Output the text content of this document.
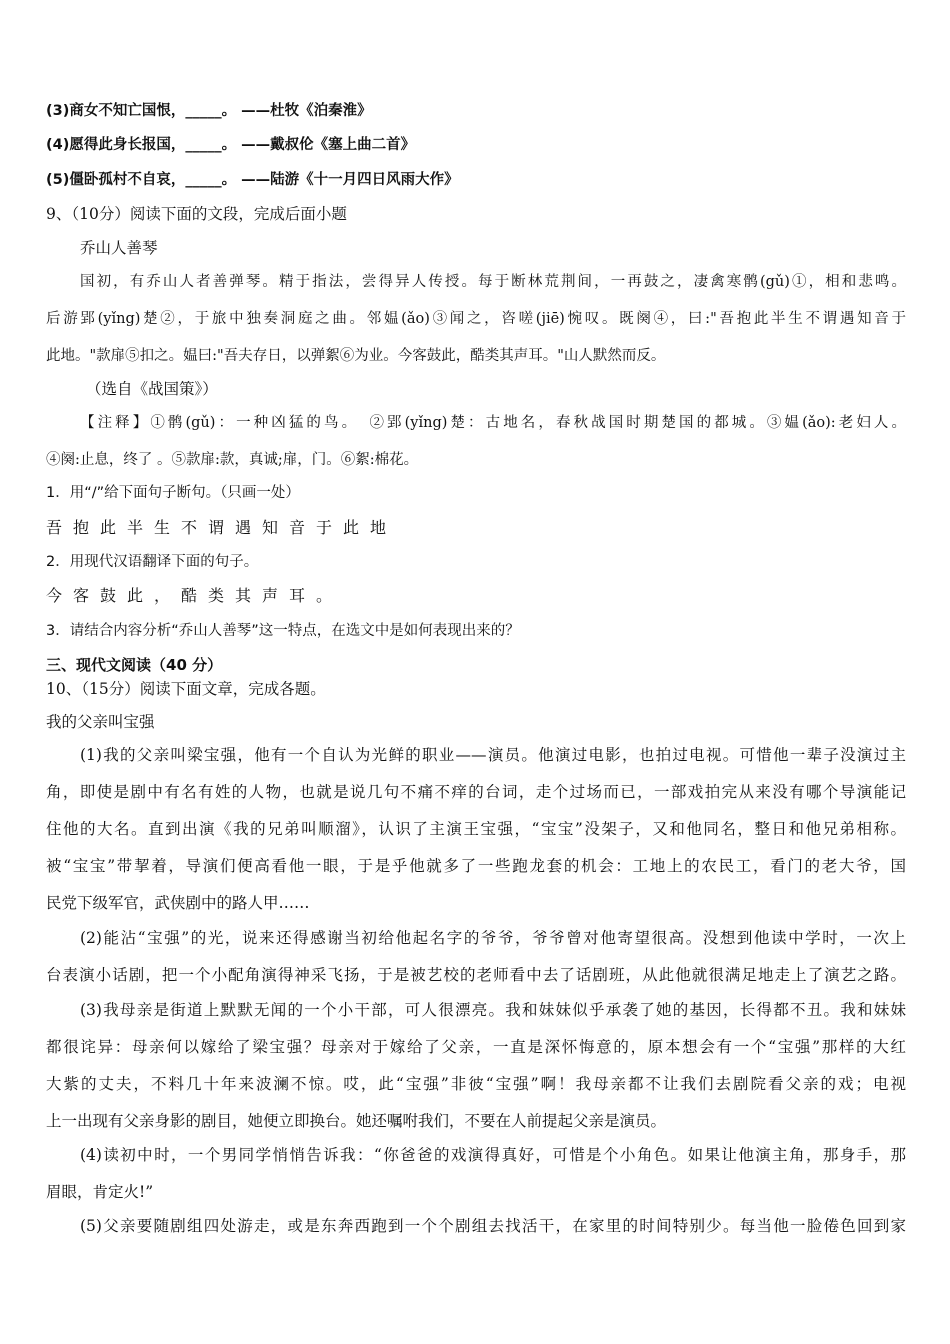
(3)商女不知亡国恨，_____。 ——杜牧《泊秦淮》
(4)愿得此身长报国，_____。 ——戴叔伦《塞上曲二首》
(5)僵卧孤村不自哀，_____。 ——陆游《十一月四日风雨大作》
9、（10分）阅读下面的文段，完成后面小题
乔山人善琴
国初，有乔山人者善弹琴。精于指法，尝得异人传授。每于断林荒荆间，一再鼓之，凄禽寒鹘(gǔ)①，相和悲鸣。
后游郢(yǐng)楚②，于旅中独奏洞庭之曲。邻媪(ǎo)③闻之，咨嗟(jiē)惋叹。既阕④，曰:"吾抱此半生不谓遇知音于
此地。"款扉⑤扣之。媪曰:"吾夫存日，以弹絮⑥为业。今客鼓此，酷类其声耳。"山人默然而反。
（选自《战国策》）
【注释】①鹘(gǔ)：一种凶猛的鸟。　②郢(yǐng)楚：古地名，春秋战国时期楚国的都城。③媪(ǎo):老妇人。
④阕:止息，终了 。⑤款扉:款，真诚;扉，门。⑥絮:棉花。
1．用“/”给下面句子断句。（只画一处）
吾抱此半生不谓遇知音于此地
2．用现代汉语翻译下面的句子。
今客鼓此，酷类其声耳。
3．请结合内容分析“乔山人善琴”这一特点，在选文中是如何表现出来的？
三、现代文阅读（40 分）
10、（15分）阅读下面文章，完成各题。
我的父亲叫宝强
(1)我的父亲叫梁宝强，他有一个自认为光鲜的职业——演员。他演过电影，也拍过电视。可惜他一辈子没演过主
角，即使是剧中有名有姓的人物，也就是说几句不痛不痒的台词，走个过场而已，一部戏拍完从来没有哪个导演能记
住他的大名。直到出演《我的兄弟叫顺溜》，认识了主演王宝强，“宝宝”没架子，又和他同名，整日和他兄弟相称。
被“宝宝”带挈着，导演们便高看他一眼，于是乎他就多了一些跑龙套的机会：工地上的农民工，看门的老大爷，国
民党下级军官，武侠剧中的路人甲……
(2)能沾“宝强”的光，说来还得感谢当初给他起名字的爷爷，爷爷曾对他寄望很高。没想到他读中学时，一次上
台表演小话剧，把一个小配角演得神采飞扬，于是被艺校的老师看中去了话剧班，从此他就很满足地走上了演艺之路。
(3)我母亲是街道上默默无闻的一个小干部，可人很漂亮。我和妹妹似乎承袭了她的基因，长得都不丑。我和妹妹
都很诧异：母亲何以嫁给了梁宝强？母亲对于嫁给了父亲，一直是深怀悔意的，原本想会有一个“宝强”那样的大红
大紫的丈夫，不料几十年来波澜不惊。哎，此“宝强”非彼“宝强”啊！我母亲都不让我们去剧院看父亲的戏；电视
上一出现有父亲身影的剧目，她便立即换台。她还嘱咐我们，不要在人前提起父亲是演员。
(4)读初中时，一个男同学悄悄告诉我：“你爸爸的戏演得真好，可惜是个小角色。如果让他演主角，那身手，那
眉眼，肯定火!”
(5)父亲要随剧组四处游走，或是东奔西跑到一个个剧组去找活干，在家里的时间特别少。每当他一脸倦色回到家
